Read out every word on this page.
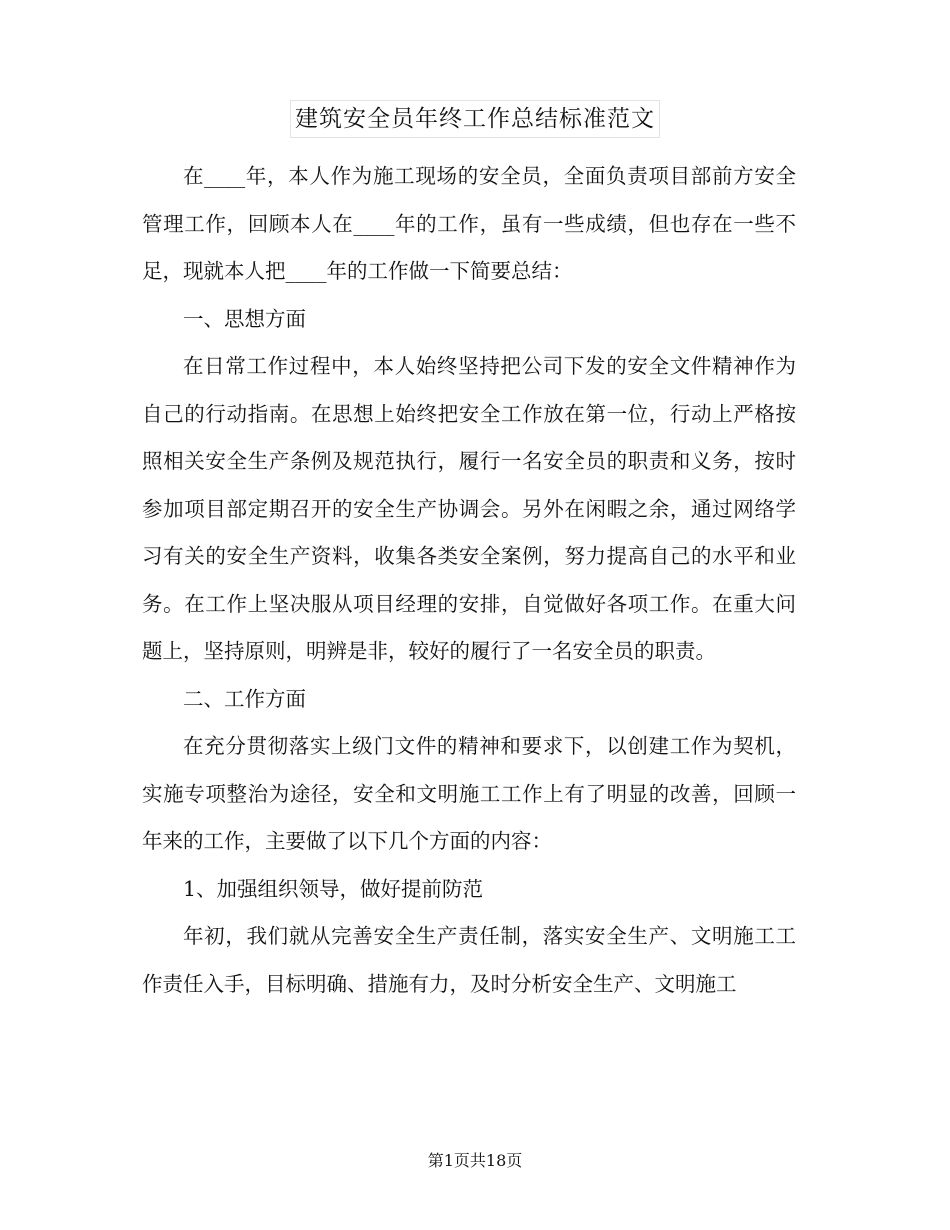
建筑安全员年终工作总结标准范文

在____年，本人作为施工现场的安全员，全面负责项目部前方安全管理工作，回顾本人在____年的工作，虽有一些成绩，但也存在一些不足，现就本人把____年的工作做一下简要总结：

一、思想方面

在日常工作过程中，本人始终坚持把公司下发的安全文件精神作为自己的行动指南。在思想上始终把安全工作放在第一位，行动上严格按照相关安全生产条例及规范执行，履行一名安全员的职责和义务，按时参加项目部定期召开的安全生产协调会。另外在闲暇之余，通过网络学习有关的安全生产资料，收集各类安全案例，努力提高自己的水平和业务。在工作上坚决服从项目经理的安排，自觉做好各项工作。在重大问题上，坚持原则，明辨是非，较好的履行了一名安全员的职责。

二、工作方面

在充分贯彻落实上级门文件的精神和要求下，以创建工作为契机，实施专项整治为途径，安全和文明施工工作上有了明显的改善，回顾一年来的工作，主要做了以下几个方面的内容：

1、加强组织领导，做好提前防范

年初，我们就从完善安全生产责任制，落实安全生产、文明施工工作责任入手，目标明确、措施有力，及时分析安全生产、文明施工

第1页共18页
